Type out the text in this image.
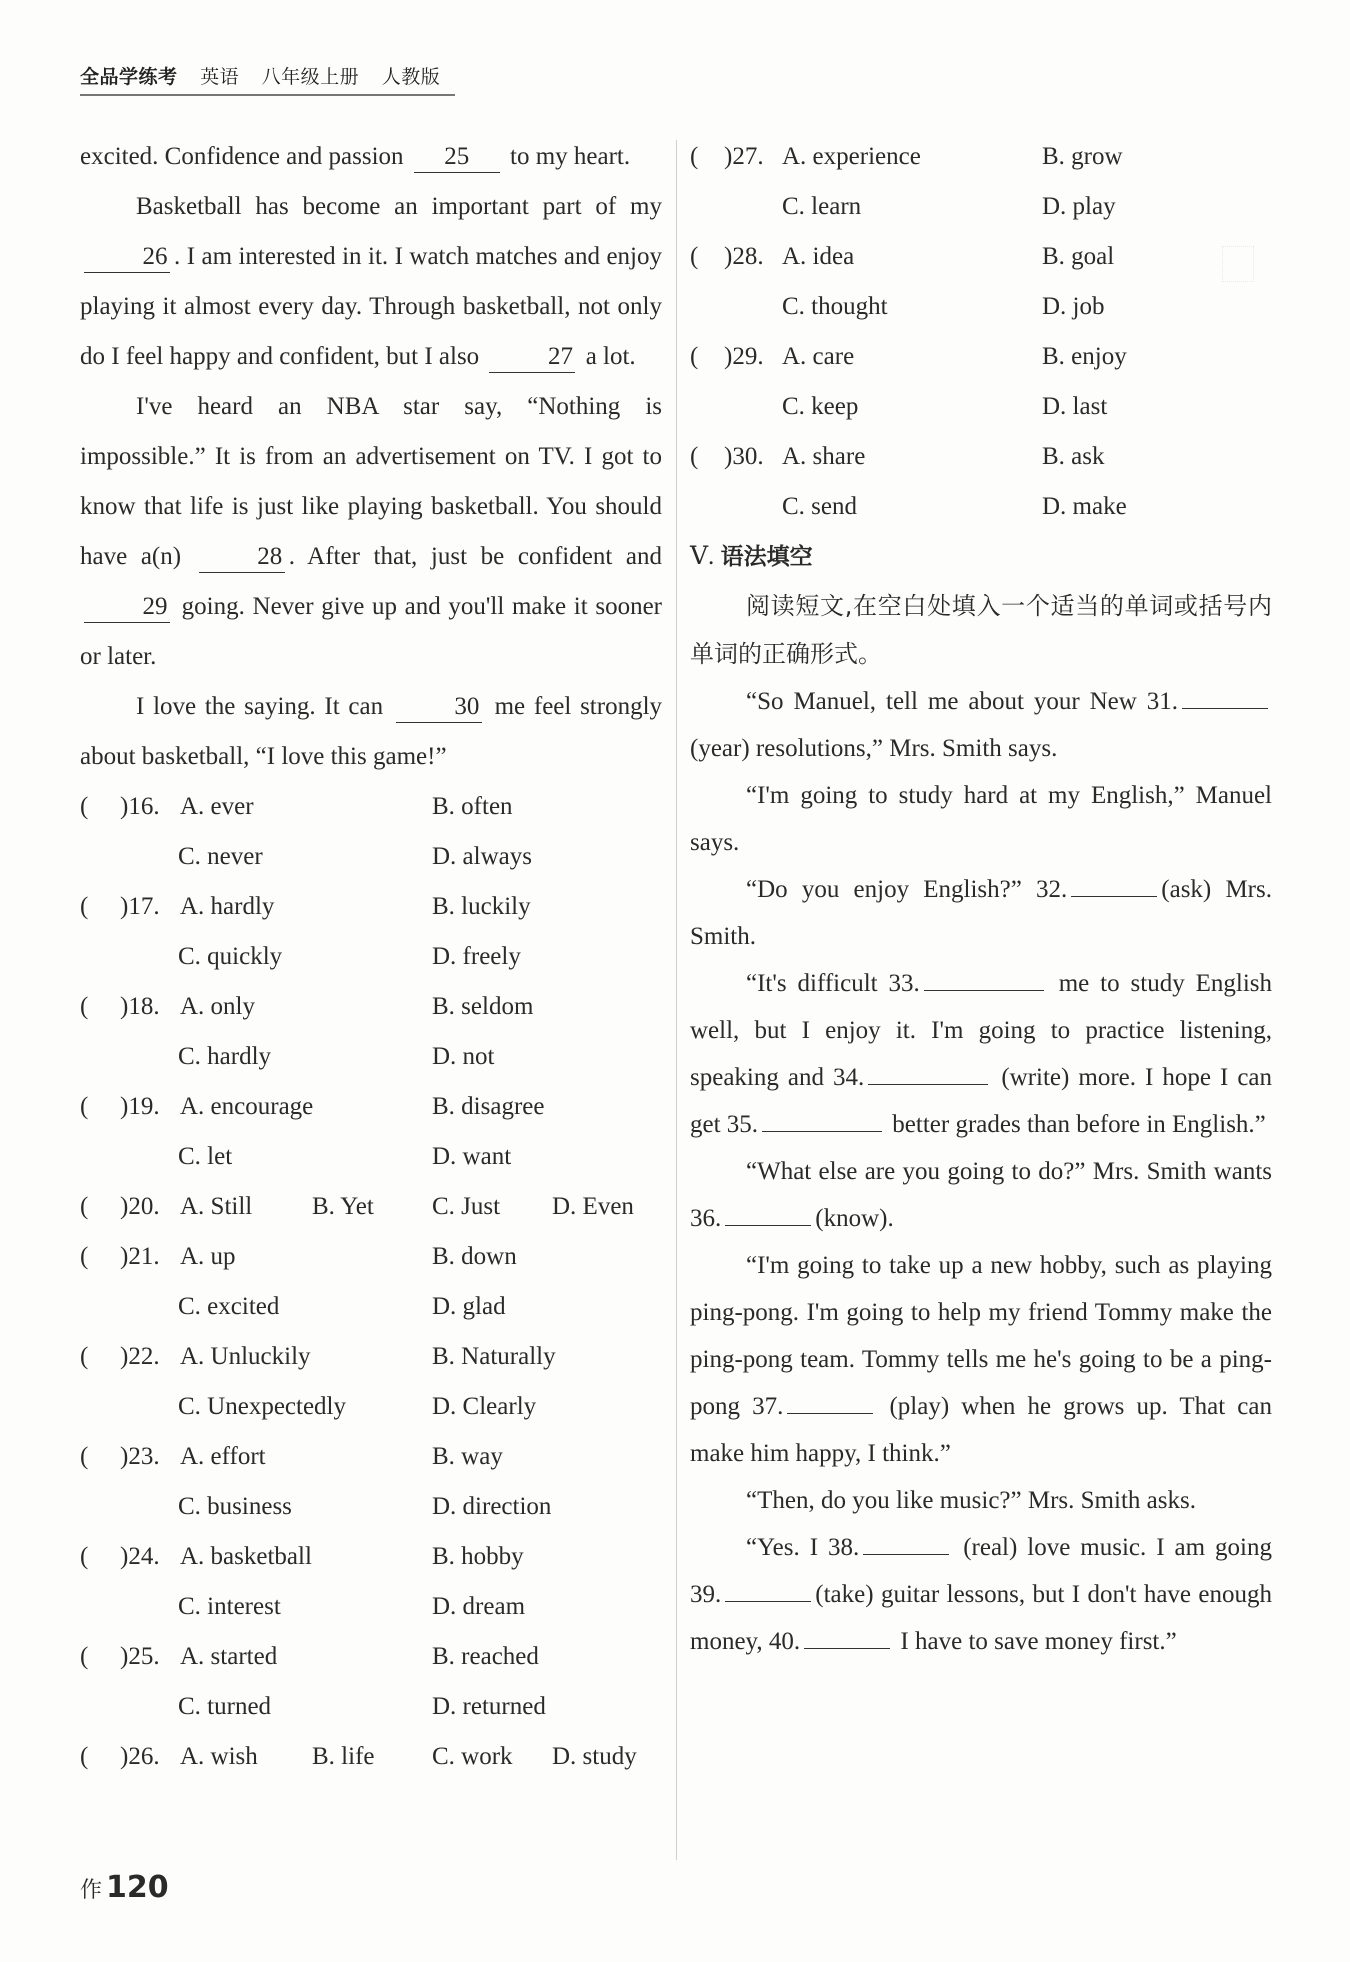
全品学练考 英语 八年级上册 人教版

excited. Confidence and passion 25 to my heart.

Basketball has become an important part of my 26 . I am interested in it. I watch matches and enjoy playing it almost every day. Through basketball, not only do I feel happy and confident, but I also	27 a lot.

I've heard an NBA star say, “Nothing is impossible.” It is from an advertisement on TV. I got to know that life is just like playing basketball. You should have a(n)	28 . After that, just be confident and 29 going. Never give up and you'll make it sooner or later.

I love the saying. It can	30 me feel strongly about basketball, “I love this game!”

( )16. A. ever	B. often
C. never	D. always
( )17. A. hardly	B. luckily
C. quickly	D. freely
( )18. A. only	B. seldom
C. hardly	D. not
( )19. A. encourage	B. disagree
C. let	D. want
( )20. A. Still B. Yet C. Just D. Even
( )21. A. up	B. down
C. excited	D. glad
( )22. A. Unluckily	B. Naturally
C. Unexpectedly	D. Clearly
( )23. A. effort	B. way
C. business	D. direction
( )24. A. basketball	B. hobby
C. interest	D. dream
( )25. A. started	B. reached
C. turned	D. returned
( )26. A. wish B. life C. work D. study
( )27. A. experience	B. grow
C. learn	D. play
( )28. A. idea	B. goal
C. thought	D. job
( )29. A. care	B. enjoy
C. keep	D. last
( )30. A. share	B. ask
C. send	D. make
Ⅴ. 语法填空

阅读短文,在空白处填入一个适当的单词或括号内单词的正确形式。

“So Manuel, tell me about your New 31. (year) resolutions,” Mrs. Smith says.

“I'm going to study hard at my English,” Manuel says.

“Do you enjoy English?” 32.	(ask) Mrs. Smith.

“It's difficult 33.	me to study English well, but I enjoy it. I'm going to practice listening, speaking and 34.	(write) more. I hope I can get 35.	better grades than before in English.”

“What else are you going to do?” Mrs. Smith wants 36.	(know).

“I'm going to take up a new hobby, such as playing ping-pong. I'm going to help my friend Tommy make the ping-pong team. Tommy tells me he's going to be a ping-pong 37.	(play) when he grows up. That can make him happy, I think.”

“Then, do you like music?” Mrs. Smith asks.

“Yes. I 38.	(real) love music. I am going 39.	(take) guitar lessons, but I don't have enough money, 40.	I have to save money first.”

作 120
